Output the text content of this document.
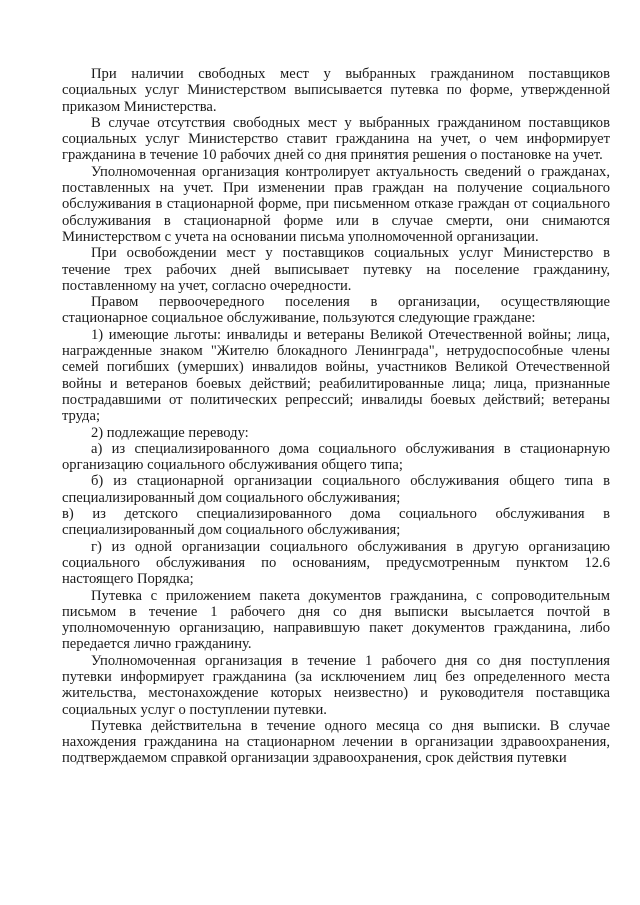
При наличии свободных мест у выбранных гражданином поставщиков социальных услуг Министерством выписывается путевка по форме, утвержденной приказом Министерства.

В случае отсутствия свободных мест у выбранных гражданином поставщиков социальных услуг Министерство ставит гражданина на учет, о чем информирует гражданина в течение 10 рабочих дней со дня принятия решения о постановке на учет.

Уполномоченная организация контролирует актуальность сведений о гражданах, поставленных на учет. При изменении прав граждан на получение социального обслуживания в стационарной форме, при письменном отказе граждан от социального обслуживания в стационарной форме или в случае смерти, они снимаются Министерством с учета на основании письма уполномоченной организации.

При освобождении мест у поставщиков социальных услуг Министерство в течение трех рабочих дней выписывает путевку на поселение гражданину, поставленному на учет, согласно очередности.

Правом первоочередного поселения в организации, осуществляющие стационарное социальное обслуживание, пользуются следующие граждане:

1) имеющие льготы: инвалиды и ветераны Великой Отечественной войны; лица, награжденные знаком "Жителю блокадного Ленинграда", нетрудоспособные члены семей погибших (умерших) инвалидов войны, участников Великой Отечественной войны и ветеранов боевых действий; реабилитированные лица; лица, признанные пострадавшими от политических репрессий; инвалиды боевых действий; ветераны труда;

2) подлежащие переводу:

а) из специализированного дома социального обслуживания в стационарную организацию социального обслуживания общего типа;

б) из стационарной организации социального обслуживания общего типа в специализированный дом социального обслуживания;

в) из детского специализированного дома социального обслуживания в специализированный дом социального обслуживания;

г) из одной организации социального обслуживания в другую организацию социального обслуживания по основаниям, предусмотренным пунктом 12.6 настоящего Порядка;

Путевка с приложением пакета документов гражданина, с сопроводительным письмом в течение 1 рабочего дня со дня выписки высылается почтой в уполномоченную организацию, направившую пакет документов гражданина, либо передается лично гражданину.

Уполномоченная организация в течение 1 рабочего дня со дня поступления путевки информирует гражданина (за исключением лиц без определенного места жительства, местонахождение которых неизвестно) и руководителя поставщика социальных услуг о поступлении путевки.

Путевка действительна в течение одного месяца со дня выписки. В случае нахождения гражданина на стационарном лечении в организации здравоохранения, подтверждаемом справкой организации здравоохранения, срок действия путевки
